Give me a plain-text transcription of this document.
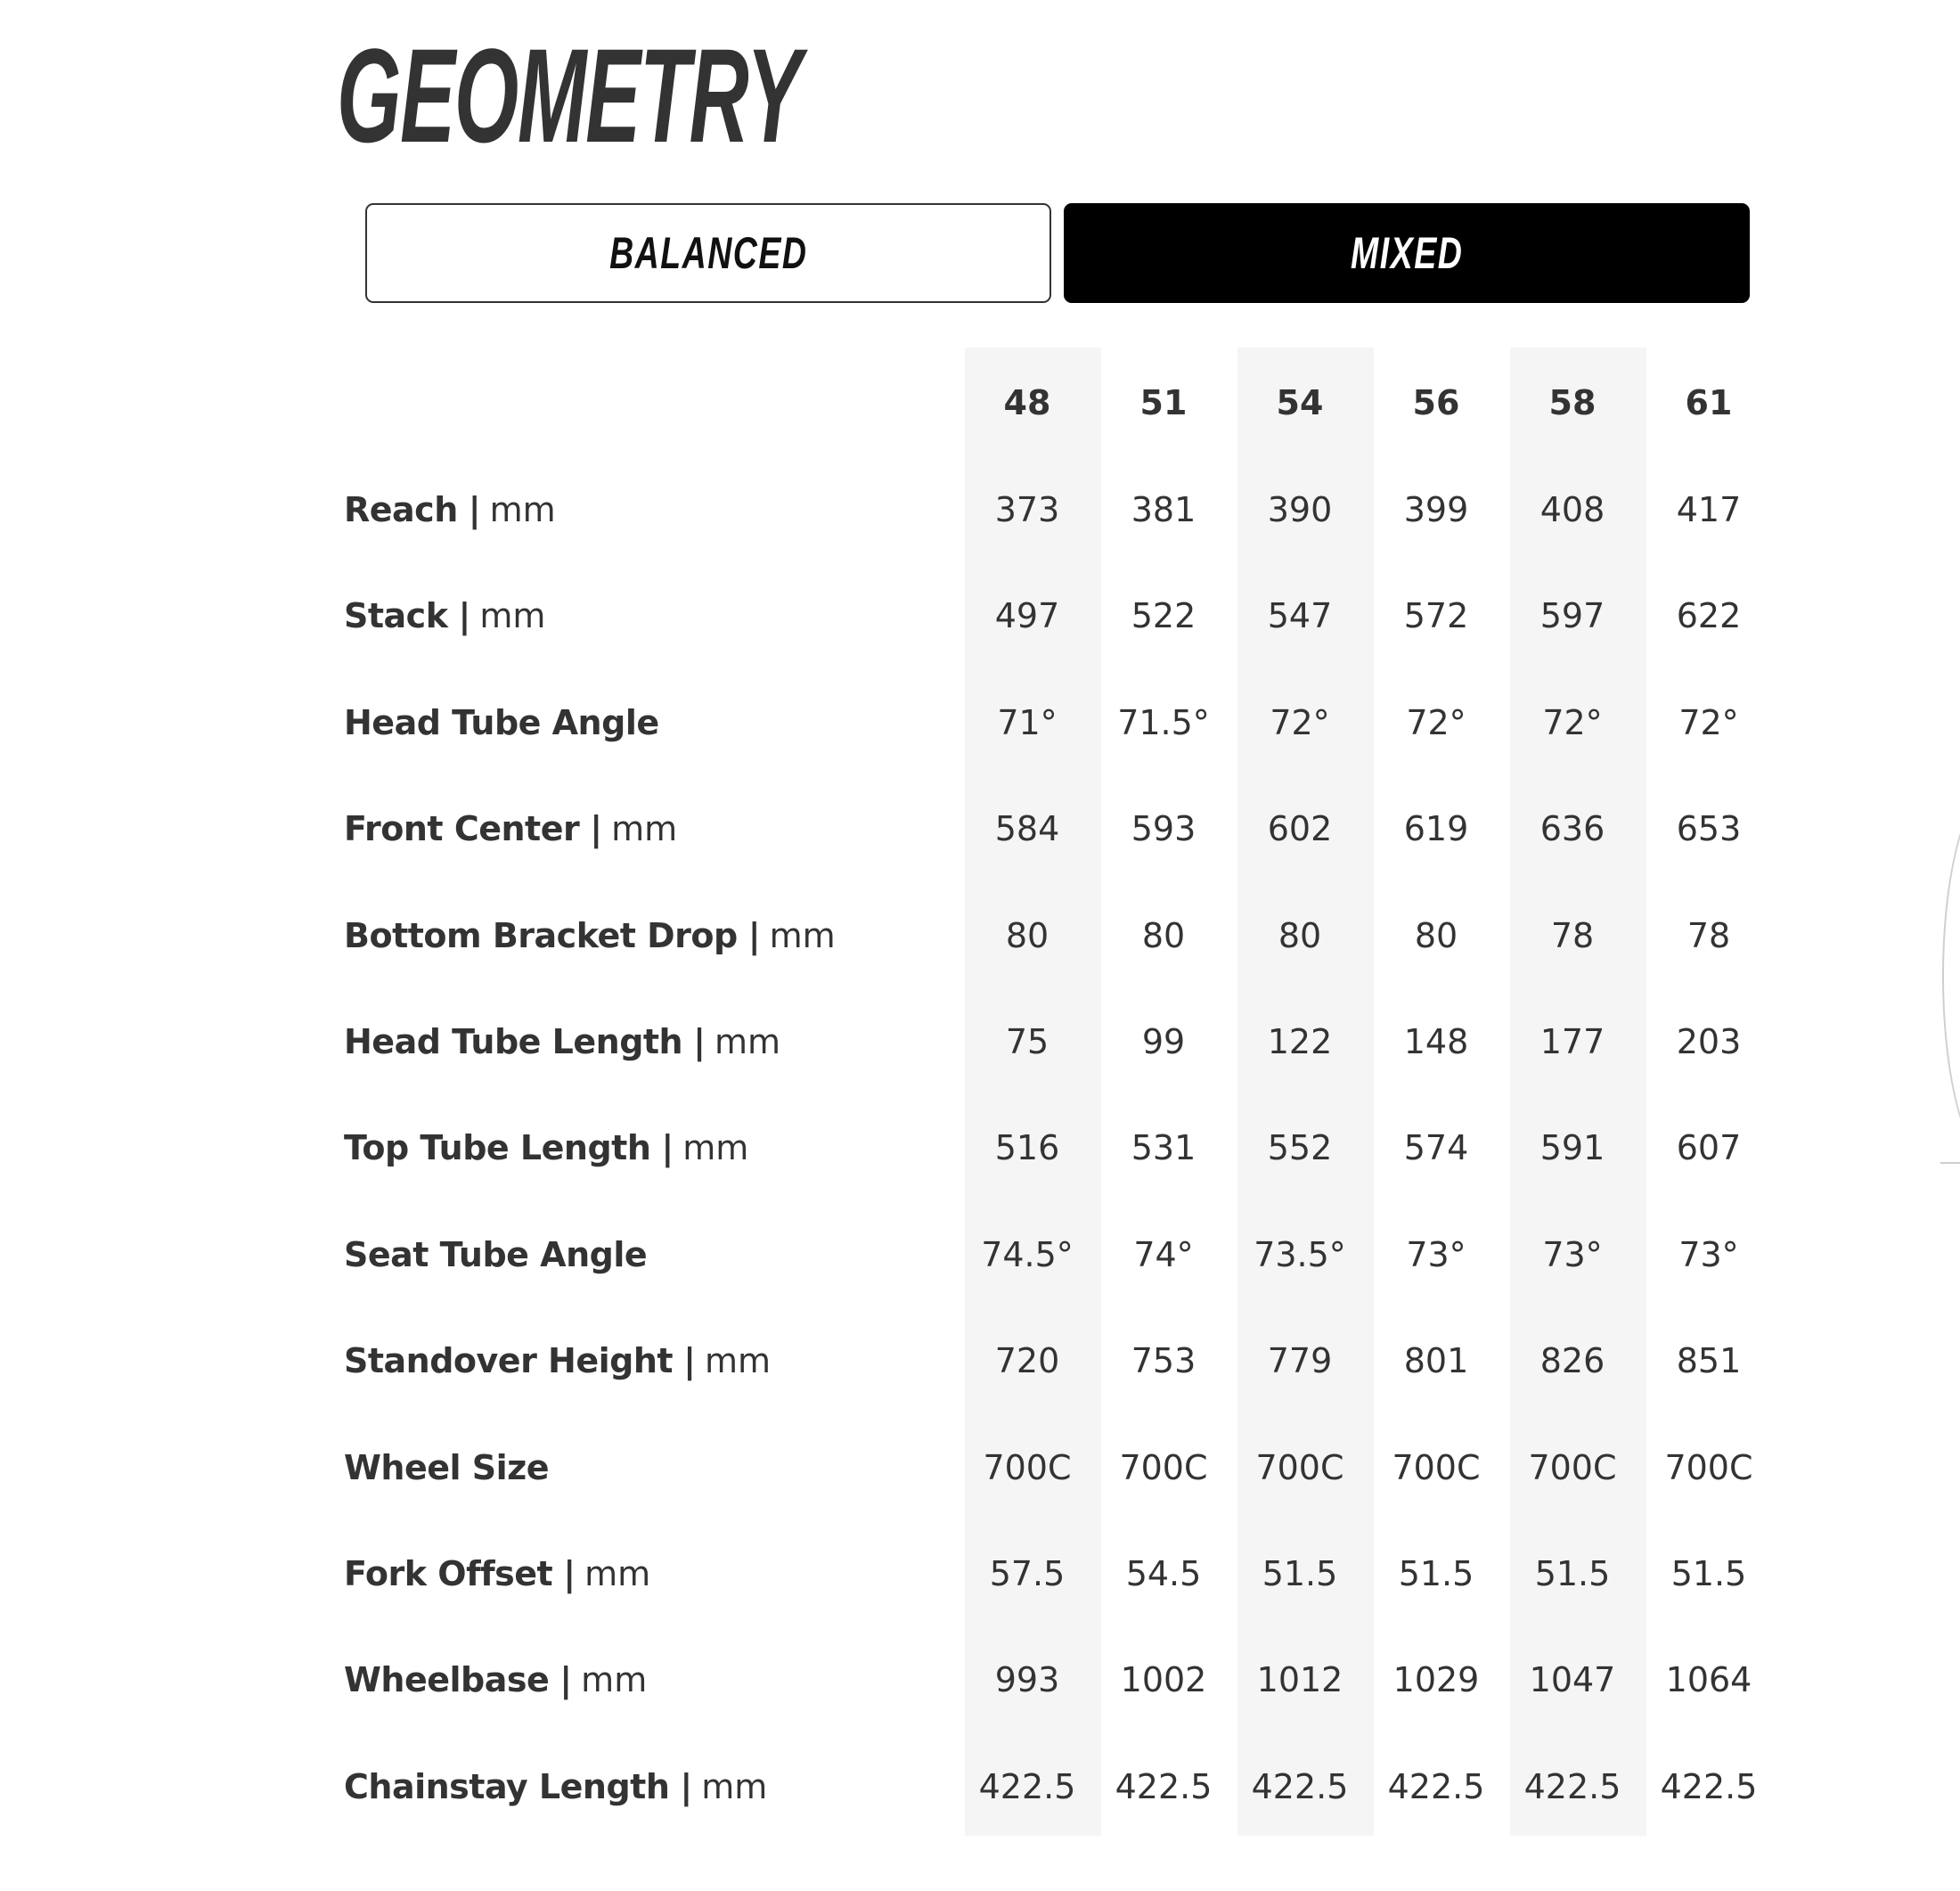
GEOMETRY
BALANCED	MIXED
48	51	54	56	58	61
Reach | mm	373	381	390	399	408	417
Stack | mm	497	522	547	572	597	622
Head Tube Angle	71°	71.5°	72°	72°	72°	72°
Front Center | mm	584	593	602	619	636	653
Bottom Bracket Drop | mm	80	80	80	80	78	78
Head Tube Length | mm	75	99	122	148	177	203
Top Tube Length | mm	516	531	552	574	591	607
Seat Tube Angle	74.5°	74°	73.5°	73°	73°	73°
Standover Height | mm	720	753	779	801	826	851
Wheel Size	700C	700C	700C	700C	700C	700C
Fork Offset | mm	57.5	54.5	51.5	51.5	51.5	51.5
Wheelbase | mm	993	1002	1012	1029	1047	1064
Chainstay Length | mm	422.5	422.5	422.5	422.5	422.5	422.5
